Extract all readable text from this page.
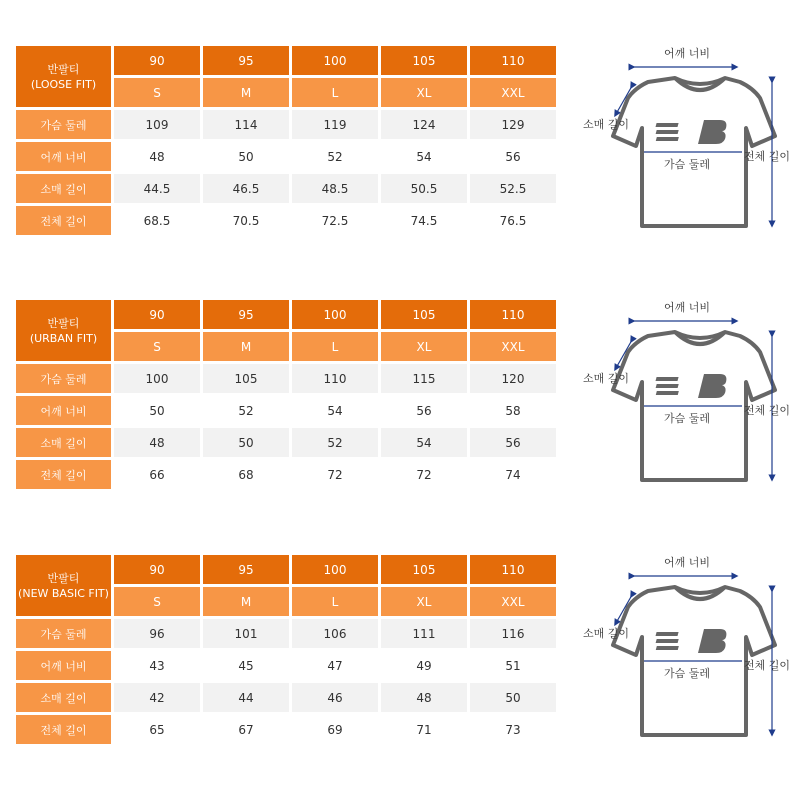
반팔티
(LOOSE FIT)	90	95	100	105	110
	S	M	L	XL	XXL
가슴 둘레	109	114	119	124	129
어깨 너비	48	50	52	54	56
소매 길이	44.5	46.5	48.5	50.5	52.5
전체 길이	68.5	70.5	72.5	74.5	76.5
어깨 너비
소매 길이
가슴 둘레
전체 길이
반팔티
(URBAN FIT)	90	95	100	105	110
	S	M	L	XL	XXL
가슴 둘레	100	105	110	115	120
어깨 너비	50	52	54	56	58
소매 길이	48	50	52	54	56
전체 길이	66	68	72	72	74
어깨 너비
소매 길이
가슴 둘레
전체 길이
반팔티
(NEW BASIC FIT)	90	95	100	105	110
	S	M	L	XL	XXL
가슴 둘레	96	101	106	111	116
어깨 너비	43	45	47	49	51
소매 길이	42	44	46	48	50
전체 길이	65	67	69	71	73
어깨 너비
소매 길이
가슴 둘레
전체 길이
